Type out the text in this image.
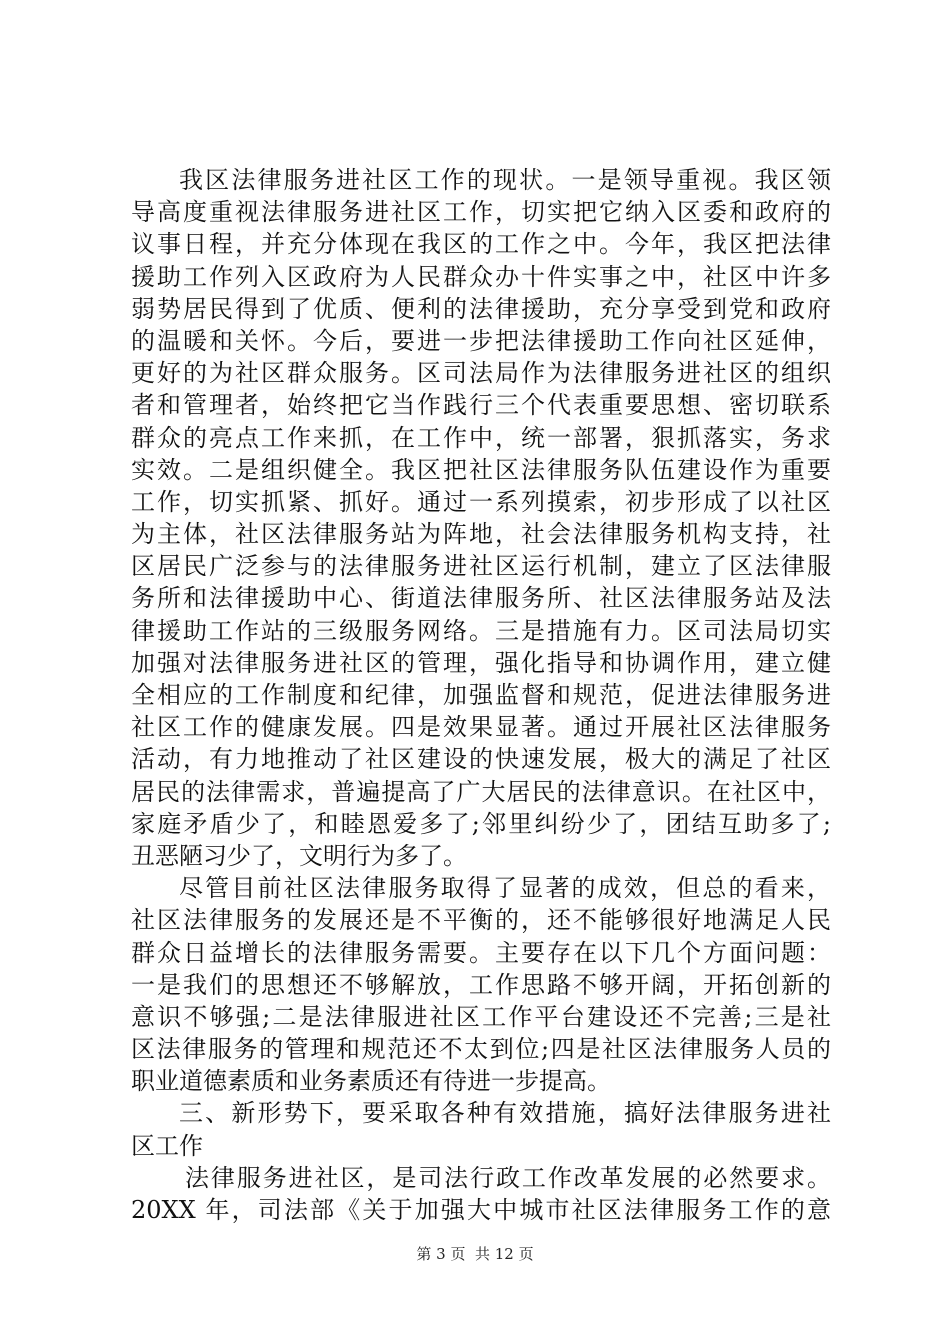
我区法律服务进社区工作的现状。一是领导重视。我区领
导高度重视法律服务进社区工作，切实把它纳入区委和政府的
议事日程，并充分体现在我区的工作之中。今年，我区把法律
援助工作列入区政府为人民群众办十件实事之中，社区中许多
弱势居民得到了优质、便利的法律援助，充分享受到党和政府
的温暖和关怀。今后，要进一步把法律援助工作向社区延伸，
更好的为社区群众服务。区司法局作为法律服务进社区的组织
者和管理者，始终把它当作践行三个代表重要思想、密切联系
群众的亮点工作来抓，在工作中，统一部署，狠抓落实，务求
实效。二是组织健全。我区把社区法律服务队伍建设作为重要
工作，切实抓紧、抓好。通过一系列摸索，初步形成了以社区
为主体，社区法律服务站为阵地，社会法律服务机构支持，社
区居民广泛参与的法律服务进社区运行机制，建立了区法律服
务所和法律援助中心、街道法律服务所、社区法律服务站及法
律援助工作站的三级服务网络。三是措施有力。区司法局切实
加强对法律服务进社区的管理，强化指导和协调作用，建立健
全相应的工作制度和纪律，加强监督和规范，促进法律服务进
社区工作的健康发展。四是效果显著。通过开展社区法律服务
活动，有力地推动了社区建设的快速发展，极大的满足了社区
居民的法律需求，普遍提高了广大居民的法律意识。在社区中，
家庭矛盾少了，和睦恩爱多了;邻里纠纷少了，团结互助多了;
丑恶陋习少了，文明行为多了。
尽管目前社区法律服务取得了显著的成效，但总的看来，
社区法律服务的发展还是不平衡的，还不能够很好地满足人民
群众日益增长的法律服务需要。主要存在以下几个方面问题：
一是我们的思想还不够解放，工作思路不够开阔，开拓创新的
意识不够强;二是法律服进社区工作平台建设还不完善;三是社
区法律服务的管理和规范还不太到位;四是社区法律服务人员的
职业道德素质和业务素质还有待进一步提高。
三、新形势下，要采取各种有效措施，搞好法律服务进社
区工作
法律服务进社区，是司法行政工作改革发展的必然要求。
20XX 年，司法部《关于加强大中城市社区法律服务工作的意
第 3 页  共 12 页
